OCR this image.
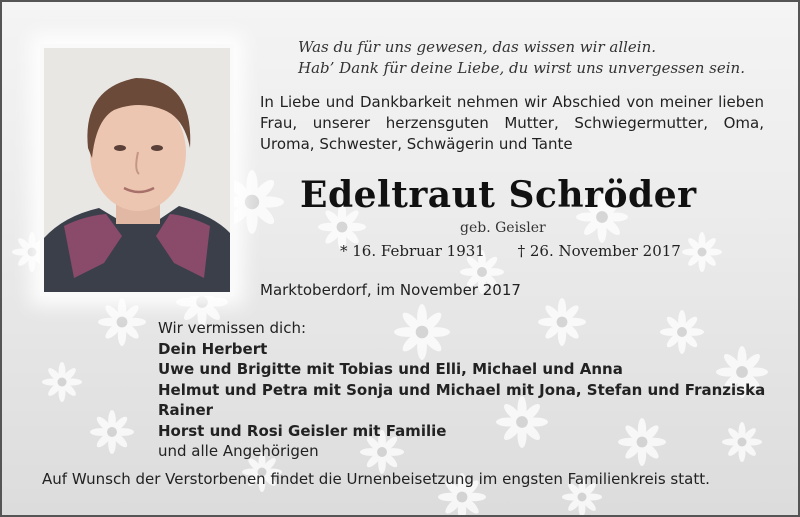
Was du für uns gewesen, das wissen wir allein.
Hab’ Dank für deine Liebe, du wirst uns unvergessen sein.
In Liebe und Dankbarkeit nehmen wir Abschied von meiner lieben Frau, unserer herzensguten Mutter, Schwiegermutter, Oma, Uroma, Schwester, Schwägerin und Tante
Edeltraut Schröder
geb. Geisler
* 16. Februar 1931 † 26. November 2017
Marktoberdorf, im November 2017
Wir vermissen dich:
Dein Herbert
Uwe und Brigitte mit Tobias und Elli, Michael und Anna
Helmut und Petra mit Sonja und Michael mit Jona, Stefan und Franziska
Rainer
Horst und Rosi Geisler mit Familie
und alle Angehörigen
Auf Wunsch der Verstorbenen findet die Urnenbeisetzung im engsten Familienkreis statt.
